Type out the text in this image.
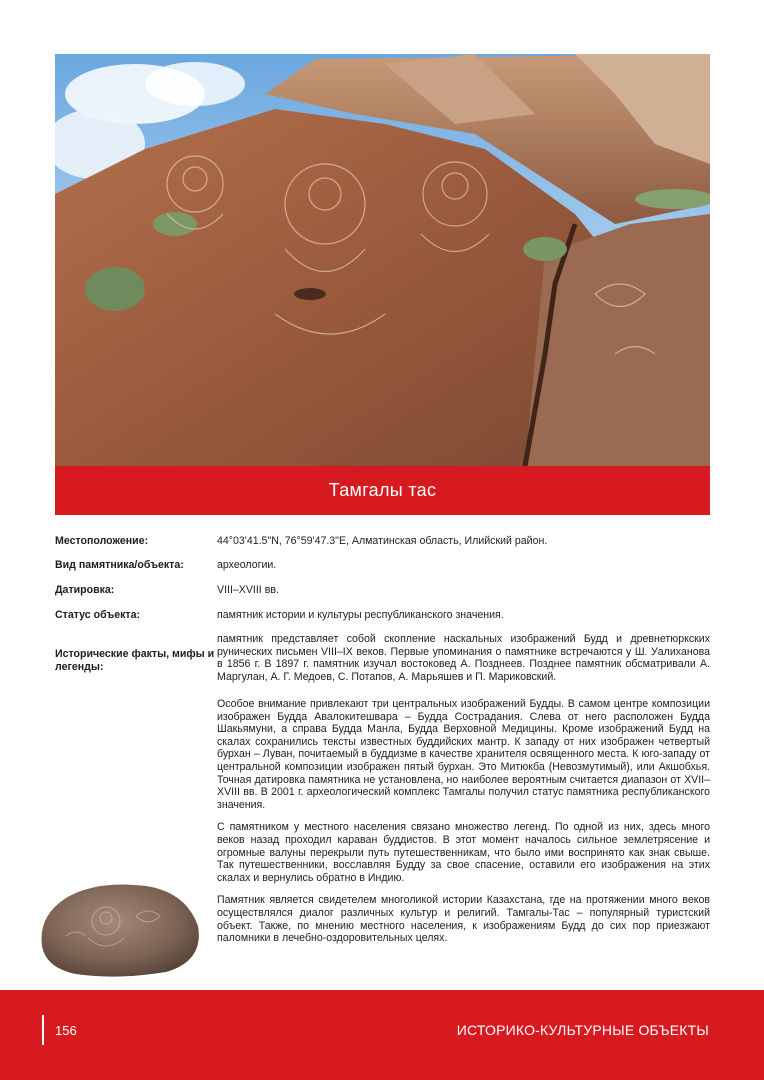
Тамгалы тас
Местоположение:	44°03'41.5"N, 76°59'47.3"E, Алматинская область, Илийский район.
Вид памятника/объекта:	археологии.
Датировка:	VIII–XVIII вв.
Статус объекта:	памятник истории и культуры республиканского значения.
Исторические факты, мифы и легенды:

памятник представляет собой скопление наскальных изображений Будд и древнетюркских рунических письмен VIII–IX веков. Первые упоминания о памятнике встречаются у Ш. Уалиханова в 1856 г. В 1897 г. памятник изучал востоковед А. Позднеев. Позднее памятник обсматривали А. Маргулан, А. Г. Медоев, С. Потапов, А. Марьяшев и П. Мариковский.

Особое внимание привлекают три центральных изображений Будды. В самом центре композиции изображен Будда Авалокитешвара – Будда Сострадания. Слева от него расположен Будда Шакьямуни, а справа Будда Манла, Будда Верховной Медицины. Кроме изображений Будд на скалах сохранились тексты известных буддийских мантр. К западу от них изображен четвертый бурхан – Луван, почитаемый в буддизме в качестве хранителя освященного места. К юго-западу от центральной композиции изображен пятый бурхан. Это Митюкба (Невозмутимый), или Акшобхья. Точная датировка памятника не установлена, но наиболее вероятным считается диапазон от XVII–XVIII вв. В 2001 г. археологический комплекс Тамгалы получил статус памятника республиканского значения.

С памятником у местного населения связано множество легенд. По одной из них, здесь много веков назад проходил караван буддистов. В этот момент началось сильное землетрясение и огромные валуны перекрыли путь путешественникам, что было ими воспринято как знак свыше. Так путешественники, восславляя Будду за свое спасение, оставили его изображения на этих скалах и вернулись обратно в Индию.

Памятник является свидетелем многоликой истории Казахстана, где на протяжении много веков осуществлялся диалог различных культур и религий. Тамгалы-Тас – популярный туристский объект. Также, по мнению местного населения, к изображениям Будд до сих пор приезжают паломники в лечебно-оздоровительных целях.

156	ИСТОРИКО-КУЛЬТУРНЫЕ ОБЪЕКТЫ
